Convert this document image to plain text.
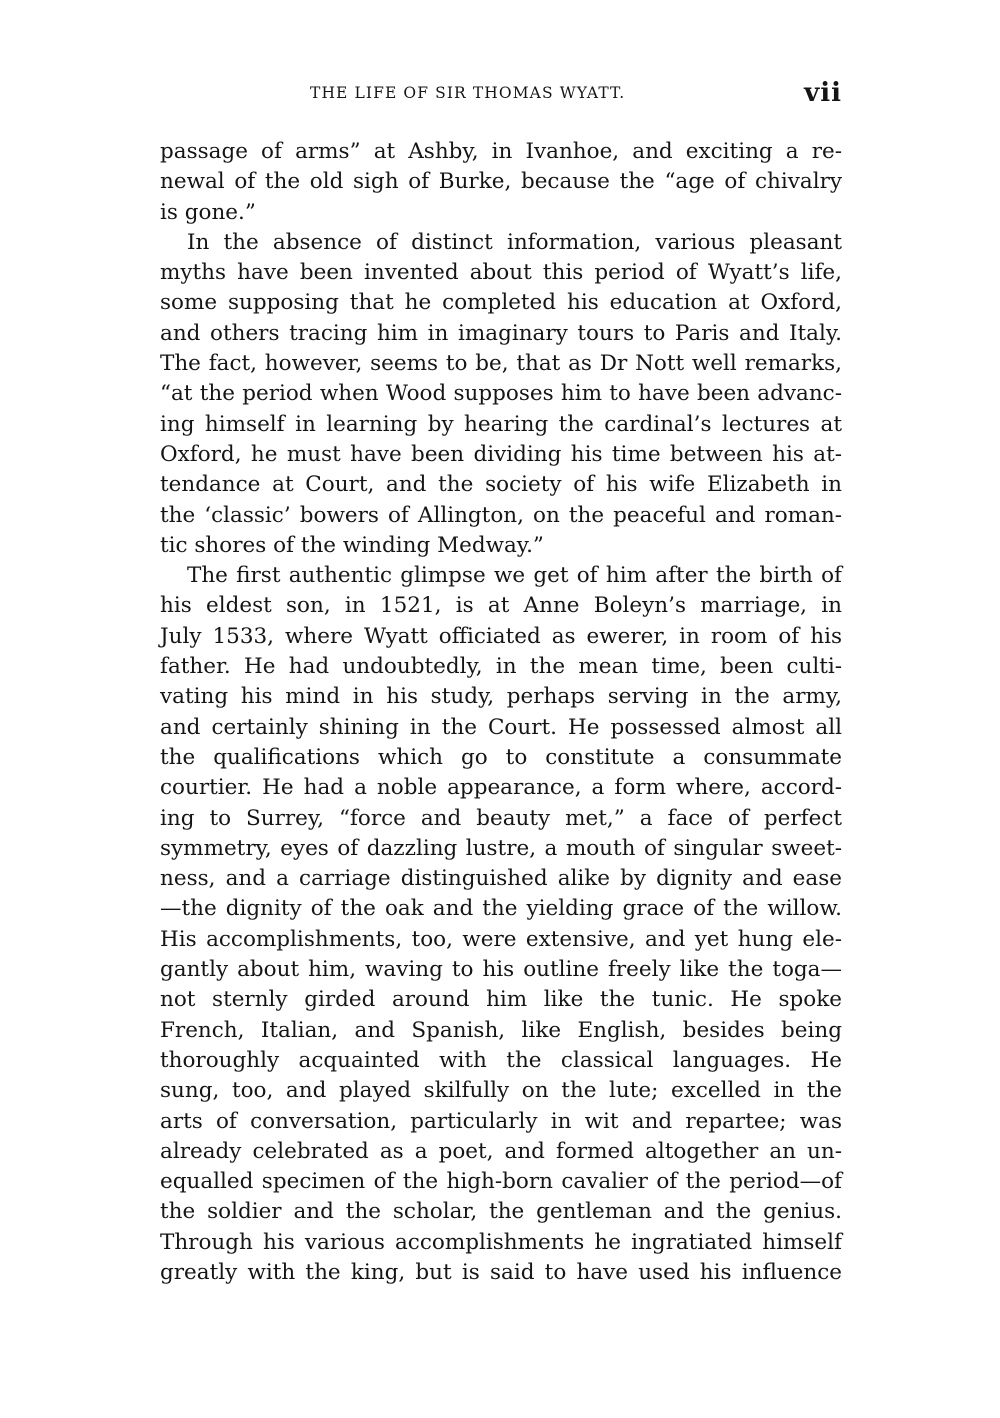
THE LIFE OF SIR THOMAS WYATT.	vii
passage of arms” at Ashby, in Ivanhoe, and exciting a re-
newal of the old sigh of Burke, because the “age of chivalry
is gone.”
In the absence of distinct information, various pleasant
myths have been invented about this period of Wyatt’s life,
some supposing that he completed his education at Oxford,
and others tracing him in imaginary tours to Paris and Italy.
The fact, however, seems to be, that as Dr Nott well remarks,
“at the period when Wood supposes him to have been advanc-
ing himself in learning by hearing the cardinal’s lectures at
Oxford, he must have been dividing his time between his at-
tendance at Court, and the society of his wife Elizabeth in
the ‘classic’ bowers of Allington, on the peaceful and roman-
tic shores of the winding Medway.”
The first authentic glimpse we get of him after the birth of
his eldest son, in 1521, is at Anne Boleyn’s marriage, in
July 1533, where Wyatt officiated as ewerer, in room of his
father. He had undoubtedly, in the mean time, been culti-
vating his mind in his study, perhaps serving in the army,
and certainly shining in the Court. He possessed almost all
the qualifications which go to constitute a consummate
courtier. He had a noble appearance, a form where, accord-
ing to Surrey, “force and beauty met,” a face of perfect
symmetry, eyes of dazzling lustre, a mouth of singular sweet-
ness, and a carriage distinguished alike by dignity and ease
—the dignity of the oak and the yielding grace of the willow.
His accomplishments, too, were extensive, and yet hung ele-
gantly about him, waving to his outline freely like the toga—
not sternly girded around him like the tunic. He spoke
French, Italian, and Spanish, like English, besides being
thoroughly acquainted with the classical languages. He
sung, too, and played skilfully on the lute; excelled in the
arts of conversation, particularly in wit and repartee; was
already celebrated as a poet, and formed altogether an un-
equalled specimen of the high-born cavalier of the period—of
the soldier and the scholar, the gentleman and the genius.
Through his various accomplishments he ingratiated himself
greatly with the king, but is said to have used his influence
